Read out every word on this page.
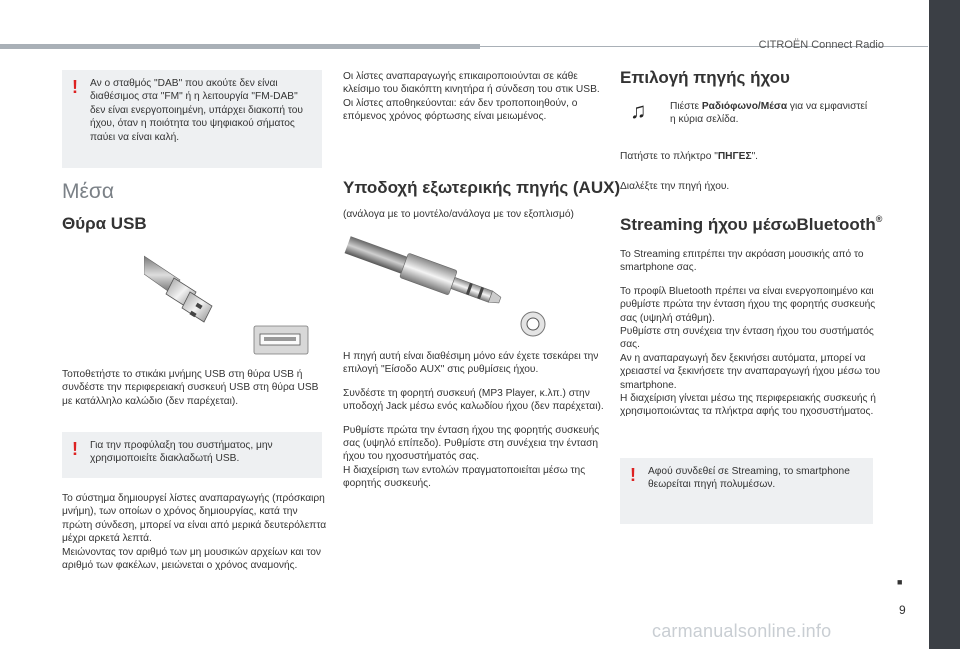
CITROËN Connect Radio
■
9
carmanualsonline.info
! Αν ο σταθμός "DAB" που ακούτε δεν είναι διαθέσιμος στα "FM" ή η λειτουργία "FM-DAB" δεν είναι ενεργοποιημένη, υπάρχει διακοπή του ήχου, όταν η ποιότητα του ψηφιακού σήματος παύει να είναι καλή.
Μέσα
Θύρα USB

Τοποθετήστε το στικάκι μνήμης USB στη θύρα USB ή συνδέστε την περιφερειακή συσκευή USB στη θύρα USB με κατάλληλο καλώδιο (δεν παρέχεται).

! Για την προφύλαξη του συστήματος, μην χρησιμοποιείτε διακλαδωτή USB.

Το σύστημα δημιουργεί λίστες αναπαραγωγής (πρόσκαιρη μνήμη), των οποίων ο χρόνος δημιουργίας, κατά την πρώτη σύνδεση, μπορεί να είναι από μερικά δευτερόλεπτα μέχρι αρκετά λεπτά.
Μειώνοντας τον αριθμό των μη μουσικών αρχείων και τον αριθμό των φακέλων, μειώνεται ο χρόνος αναμονής.

Οι λίστες αναπαραγωγής επικαιροποιούνται σε κάθε κλείσιμο του διακόπτη κινητήρα ή σύνδεση του στικ USB. Οι λίστες αποθηκεύονται: εάν δεν τροποποιηθούν, ο επόμενος χρόνος φόρτωσης είναι μειωμένος.

Υποδοχή εξωτερικής πηγής (AUX)

(ανάλογα με το μοντέλο/ανάλογα με τον εξοπλισμό)

Η πηγή αυτή είναι διαθέσιμη μόνο εάν έχετε τσεκάρει την επιλογή "Είσοδο AUX" στις ρυθμίσεις ήχου.

Συνδέστε τη φορητή συσκευή (MP3 Player, κ.λπ.) στην υποδοχή Jack μέσω ενός καλωδίου ήχου (δεν παρέχεται).

Ρυθμίστε πρώτα την ένταση ήχου της φορητής συσκευής σας (υψηλό επίπεδο). Ρυθμίστε στη συνέχεια την ένταση ήχου του ηχοσυστήματός σας.
Η διαχείριση των εντολών πραγματοποιείται μέσω της φορητής συσκευής.

Επιλογή πηγής ήχου
♫ Πιέστε Ραδιόφωνο/Μέσα για να εμφανιστεί η κύρια σελίδα.

Πατήστε το πλήκτρο "ΠΗΓΕΣ".

Διαλέξτε την πηγή ήχου.

Streaming ήχου μέσωBluetooth®

Το Streaming επιτρέπει την ακρόαση μουσικής από το smartphone σας.

Το προφίλ Bluetooth πρέπει να είναι ενεργοποιημένο και ρυθμίστε πρώτα την ένταση ήχου της φορητής συσκευής σας (υψηλή στάθμη).
Ρυθμίστε στη συνέχεια την ένταση ήχου του συστήματός σας.
Αν η αναπαραγωγή δεν ξεκινήσει αυτόματα, μπορεί να χρειαστεί να ξεκινήσετε την αναπαραγωγή ήχου μέσω του smartphone.
Η διαχείριση γίνεται μέσω της περιφερειακής συσκευής ή χρησιμοποιώντας τα πλήκτρα αφής του ηχοσυστήματος.

! Αφού συνδεθεί σε Streaming, το smartphone θεωρείται πηγή πολυμέσων.
